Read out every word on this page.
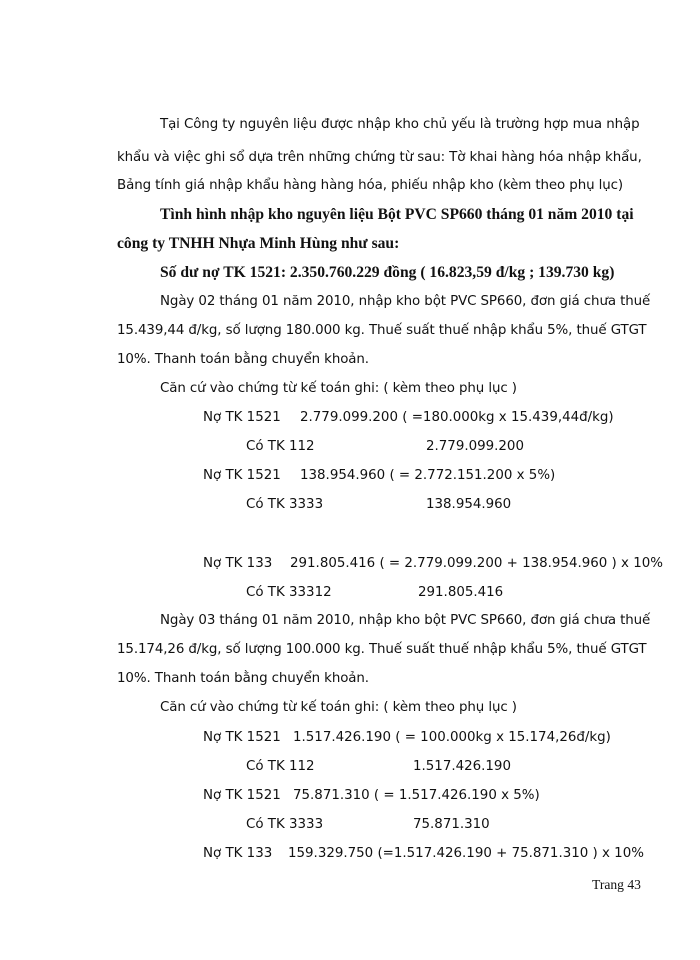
Tại Công ty nguyên liệu được nhập kho chủ yếu là trường hợp mua nhập
khẩu và việc ghi sổ dựa trên những chứng từ sau: Tờ khai hàng hóa nhập khẩu,
Bảng tính giá nhập khẩu hàng hàng hóa, phiếu nhập kho (kèm theo phụ lục)
Tình hình nhập kho nguyên liệu Bột PVC SP660 tháng 01 năm 2010 tại
công ty TNHH Nhựa Minh Hùng như sau:
Số dư nợ TK 1521: 2.350.760.229 đồng ( 16.823,59 đ/kg ; 139.730 kg)
Ngày 02 tháng 01 năm 2010, nhập kho bột PVC SP660, đơn giá chưa thuế
15.439,44 đ/kg, số lượng 180.000 kg. Thuế suất thuế nhập khẩu 5%, thuế GTGT
10%. Thanh toán bằng chuyển khoản.
Căn cứ vào chứng từ kế toán ghi: ( kèm theo phụ lục )
Nợ TK 1521 2.779.099.200 ( =180.000kg x 15.439,44đ/kg)
Có TK 112	2.779.099.200
Nợ TK 1521 138.954.960 ( = 2.772.151.200 x 5%)
Có TK 3333	138.954.960
Nợ TK 133 291.805.416 ( = 2.779.099.200 + 138.954.960 ) x 10%
Có TK 33312	291.805.416
Ngày 03 tháng 01 năm 2010, nhập kho bột PVC SP660, đơn giá chưa thuế
15.174,26 đ/kg, số lượng 100.000 kg. Thuế suất thuế nhập khẩu 5%, thuế GTGT
10%. Thanh toán bằng chuyển khoản.
Căn cứ vào chứng từ kế toán ghi: ( kèm theo phụ lục )
Nợ TK 1521 1.517.426.190 ( = 100.000kg x 15.174,26đ/kg)
Có TK 112	1.517.426.190
Nợ TK 1521 75.871.310 ( = 1.517.426.190 x 5%)
Có TK 3333	75.871.310
Nợ TK 133 159.329.750 (=1.517.426.190 + 75.871.310 ) x 10%
Trang 43
